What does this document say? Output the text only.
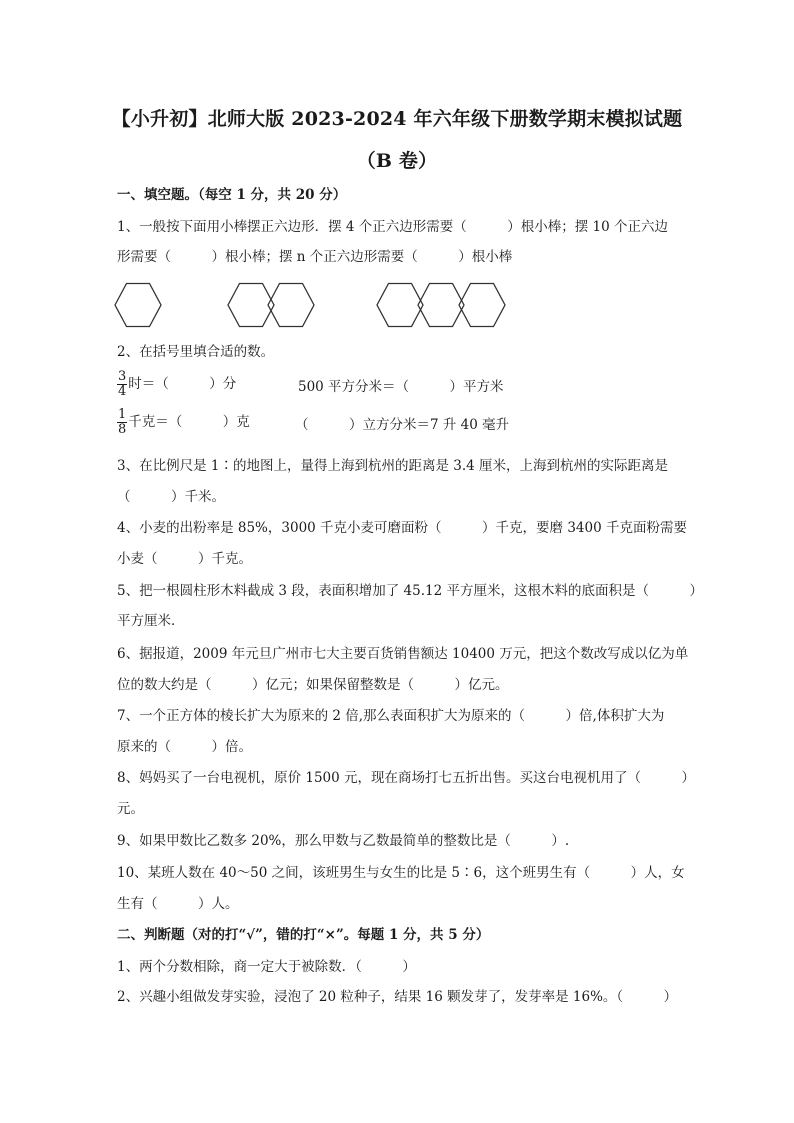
【小升初】北师大版 2023-2024 年六年级下册数学期末模拟试题
（B 卷）
一、填空题。（每空 1 分，共 20 分）
1、一般按下面用小棒摆正六边形．摆 4 个正六边形需要（　　　）根小棒；摆 10 个正六边
形需要（　　　）根小棒；摆 n 个正六边形需要（　　　）根小棒
2、在括号里填合适的数。
$\frac{3}{4}$ 时＝（　　　）分	500 平方分米＝（　　　）平方米
$\frac{1}{8}$ 千克＝（　　　）克	（　　　）立方分米＝7 升 40 毫升
3、在比例尺是 1∶的地图上，量得上海到杭州的距离是 3.4 厘米，上海到杭州的实际距离是
（　　　）千米。
4、小麦的出粉率是 85%，3000 千克小麦可磨面粉（　　　）千克，要磨 3400 千克面粉需要
小麦（　　　）千克。
5、把一根圆柱形木料截成 3 段，表面积增加了 45.12 平方厘米，这根木料的底面积是（　　　）
平方厘米．
6、据报道，2009 年元旦广州市七大主要百货销售额达 10400 万元，把这个数改写成以亿为单
位的数大约是（　　　）亿元；如果保留整数是（　　　）亿元。
7、一个正方体的棱长扩大为原来的 2 倍,那么表面积扩大为原来的（　　　）倍,体积扩大为
原来的（　　　）倍。
8、妈妈买了一台电视机，原价 1500 元，现在商场打七五折出售。买这台电视机用了（　　　）
元。
9、如果甲数比乙数多 20%，那么甲数与乙数最简单的整数比是（　　　）.
10、某班人数在 40～50 之间，该班男生与女生的比是 5∶6，这个班男生有（　　　）人，女
生有（　　　）人。
二、判断题（对的打“√”，错的打“×”。每题 1 分，共 5 分）
1、两个分数相除，商一定大于被除数．（　　　）
2、兴趣小组做发芽实验，浸泡了 20 粒种子，结果 16 颗发芽了，发芽率是 16%。（　　　）
